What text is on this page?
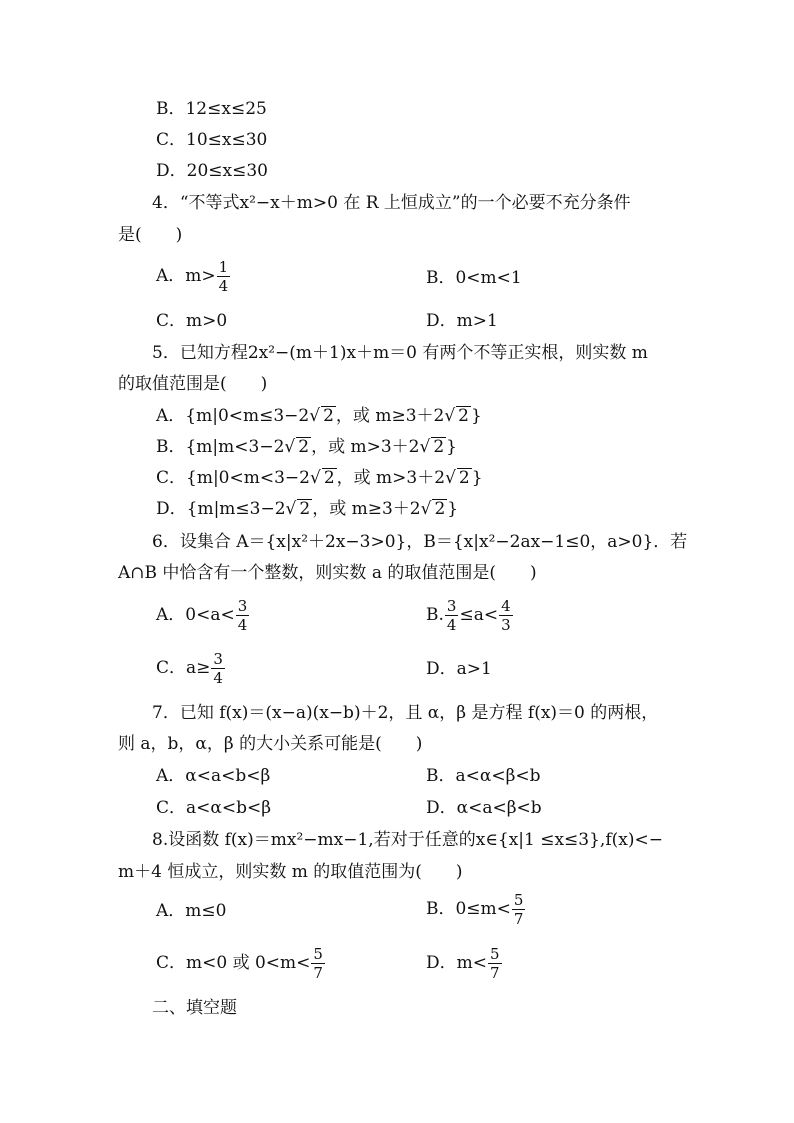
B．12≤x≤25
C．10≤x≤30
D．20≤x≤30
4．“不等式x²−x＋m>0 在 R 上恒成立”的一个必要不充分条件
是(　　)
A．$m> \frac{1}{4}$	B．0<m<1
C．m>0	D．m>1
5．已知方程2x²−(m＋1)x＋m＝0 有两个不等正实根，则实数 m
的取值范围是(　　)
A．{m|0<m≤3−2√ 2 ，或 m≥3＋2√ 2 }
B．{m|m<3−2√ 2 ，或 m>3＋2√ 2 }
C．{m|0<m<3−2√ 2 ，或 m>3＋2√ 2 }
D．{m|m≤3−2√ 2 ，或 m≥3＋2√ 2 }
6．设集合 A＝{x|x²＋2x−3>0}，B＝{x|x²−2ax−1≤0，a>0}．若
A∩B 中恰含有一个整数，则实数 a 的取值范围是(　　)
A．$0<a< \frac{3}{4}$	B. $\frac{3}{4} \le a< \frac{4}{3}$
C．$a\ge \frac{3}{4}$	D．a>1
7．已知 f(x)＝(x−a)(x−b)＋2，且 α，β 是方程 f(x)＝0 的两根，
则 a，b，α，β 的大小关系可能是(　　)
A．α<a<b<β	B．a<α<β<b
C．a<α<b<β	D．α<a<β<b
8.设函数 f(x)＝mx²−mx−1,若对于任意的x∈{x|1 ≤x≤3},f(x)<−
m＋4 恒成立，则实数 m 的取值范围为(　　)
A．m≤0	B．$0\le m< \frac{5}{7}$
C．m<0 或 $0<m< \frac{5}{7}$	D．$m< \frac{5}{7}$
二、填空题
